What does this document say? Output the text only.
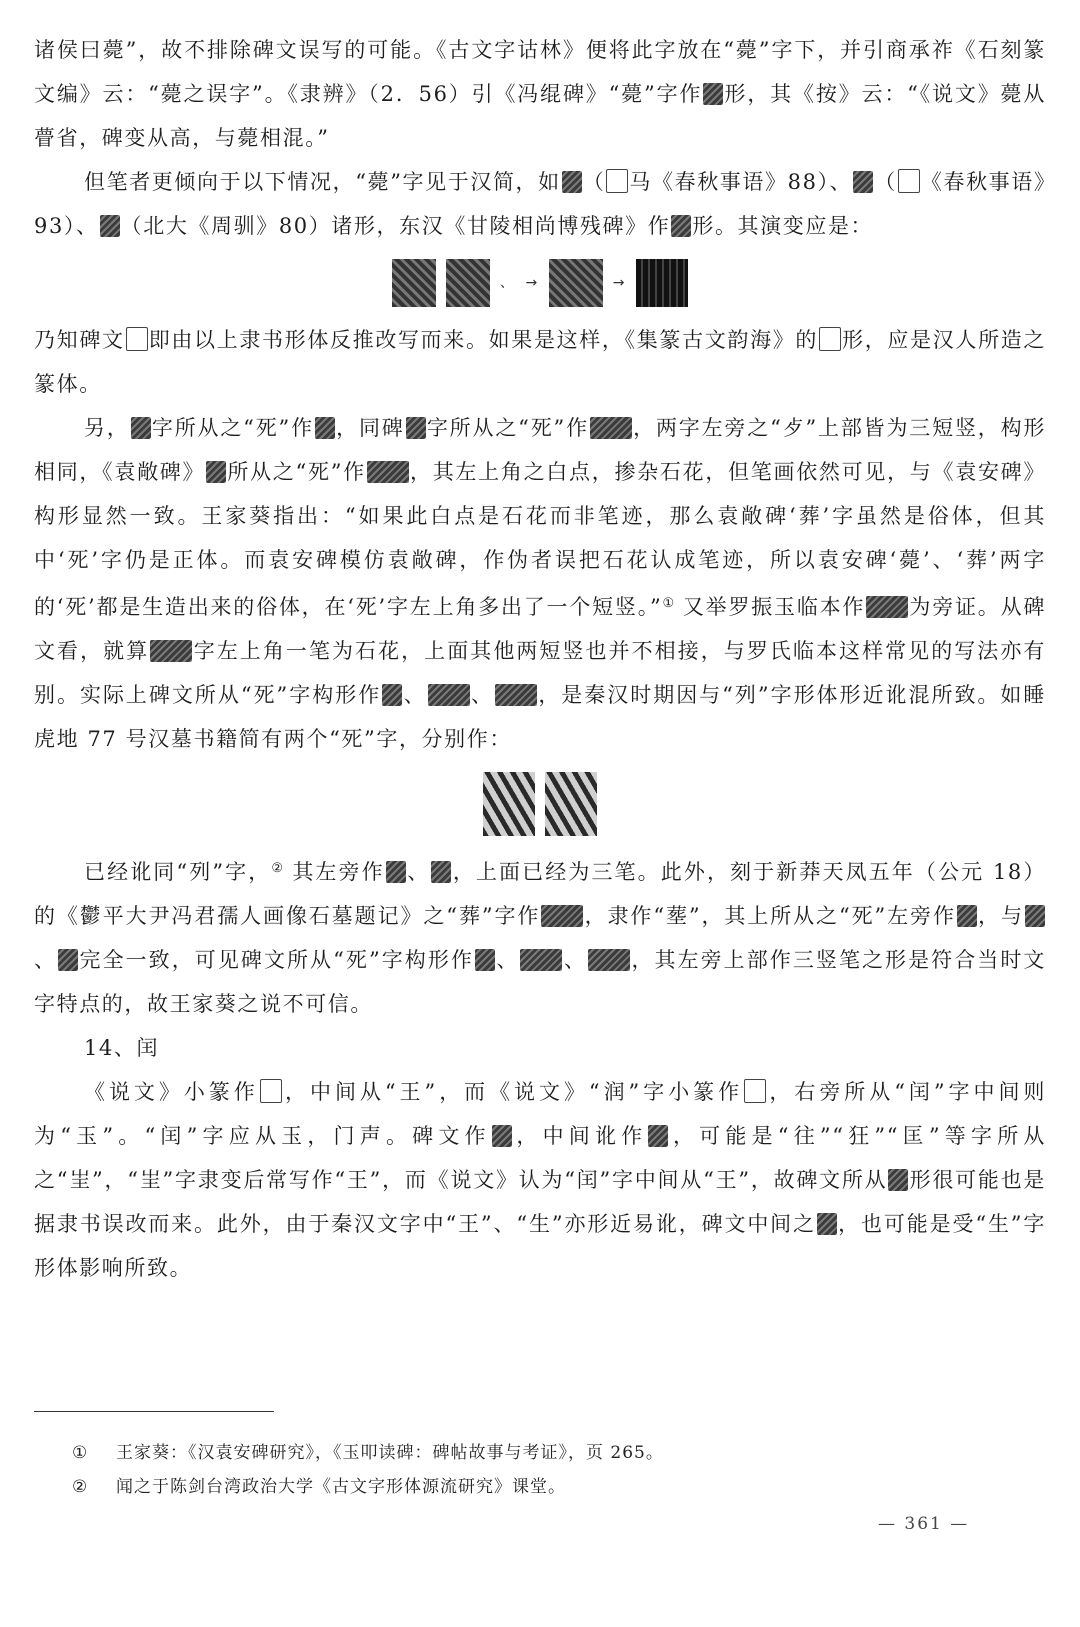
诸侯曰薨”，故不排除碑文误写的可能。《古文字诂林》便将此字放在“薨”字下，并引商承祚《石刻篆文编》云：“薨之误字”。《隶辨》（2．56）引《冯绲碑》“薨”字作 形，其《按》云：“《说文》薨从瞢省，碑变从高，与薨相混。”

但笔者更倾向于以下情况，“薨”字见于汉简，如 （ 马《春秋事语》88）、 （ 《春秋事语》93）、 （北大《周驯》80）诸形，东汉《甘陵相尚博残碑》作 形。其演变应是：

、 →	→

乃知碑文 即由以上隶书形体反推改写而来。如果是这样，《集篆古文韵海》的 形，应是汉人所造之篆体。

另， 字所从之“死”作 ，同碑 字所从之“死”作 ，两字左旁之“歺”上部皆为三短竖，构形相同，《袁敞碑》 所从之“死”作 ，其左上角之白点，掺杂石花，但笔画依然可见，与《袁安碑》构形显然一致。王家葵指出：“如果此白点是石花而非笔迹，那么袁敞碑‘葬’字虽然是俗体，但其中‘死’字仍是正体。而袁安碑模仿袁敞碑，作伪者误把石花认成笔迹，所以袁安碑‘薨’、‘葬’两字的‘死’都是生造出来的俗体，在‘死’字左上角多出了一个短竖。”① 又举罗振玉临本作 为旁证。从碑文看，就算 字左上角一笔为石花，上面其他两短竖也并不相接，与罗氏临本这样常见的写法亦有别。实际上碑文所从“死”字构形作 、 、 ，是秦汉时期因与“列”字形体形近讹混所致。如睡虎地 77 号汉墓书籍简有两个“死”字，分别作：

已经讹同“列”字，② 其左旁作 、 ，上面已经为三笔。此外，刻于新莽天凤五年（公元 18）的《鬱平大尹冯君孺人画像石墓题记》之“葬”字作 ，隶作“塟”，其上所从之“死”左旁作 ，与、 完全一致，可见碑文所从“死”字构形作 、 、 ，其左旁上部作三竖笔之形是符合当时文字特点的，故王家葵之说不可信。

14、闰

《说文》小篆作 ，中间从“王”，而《说文》“润”字小篆作 ，右旁所从“闰”字中间则为“玉”。“闰”字应从玉，门声。碑文作 ，中间讹作 ，可能是“往”“狂”“匡”等字所从之“㞷”，“㞷”字隶变后常写作“王”，而《说文》认为“闰”字中间从“王”，故碑文所从 形很可能也是据隶书误改而来。此外，由于秦汉文字中“王”、“生”亦形近易讹，碑文中间之 ，也可能是受“生”字形体影响所致。

① 王家葵：《汉袁安碑研究》，《玉叩读碑：碑帖故事与考证》，页 265。
② 闻之于陈剑台湾政治大学《古文字形体源流研究》课堂。
— 361 —
